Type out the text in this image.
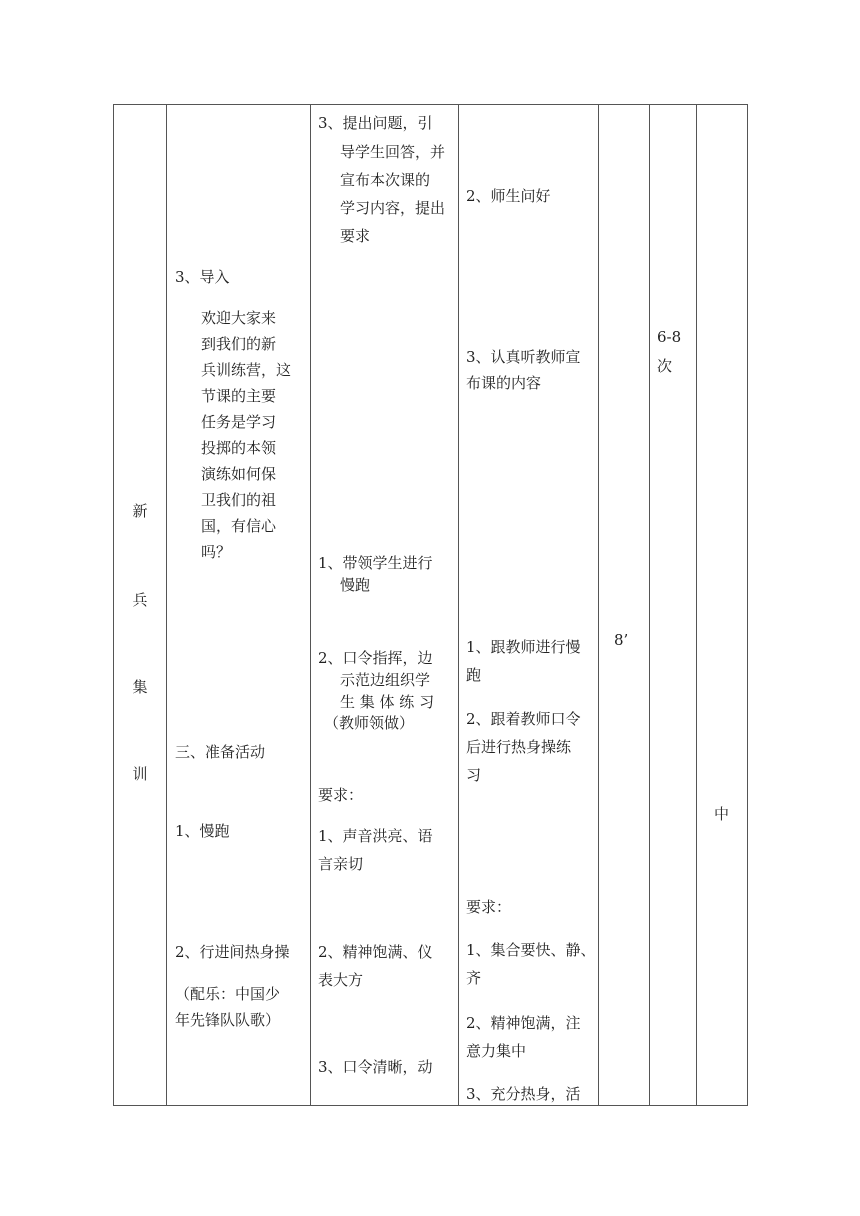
新
兵
集
训
3、导入
欢迎大家来
到我们的新
兵训练营，这
节课的主要
任务是学习
投掷的本领
演练如何保
卫我们的祖
国，有信心
吗？
三、准备活动
1、慢跑
2、行进间热身操
（配乐：中国少
年先锋队队歌）
3、提出问题，引
导学生回答，并
宣布本次课的
学习内容，提出
要求
1、带领学生进行
慢跑
2、口令指挥，边
示范边组织学
生 集 体 练 习
（教师领做）
要求：
1、声音洪亮、语
言亲切
2、精神饱满、仪
表大方
3、口令清晰，动
2、师生问好
3、认真听教师宣
布课的内容
1、跟教师进行慢
跑
2、跟着教师口令
后进行热身操练
习
要求：
1、集合要快、静、
齐
2、精神饱满，注
意力集中
3、充分热身，活
8’
6-8
次
中
